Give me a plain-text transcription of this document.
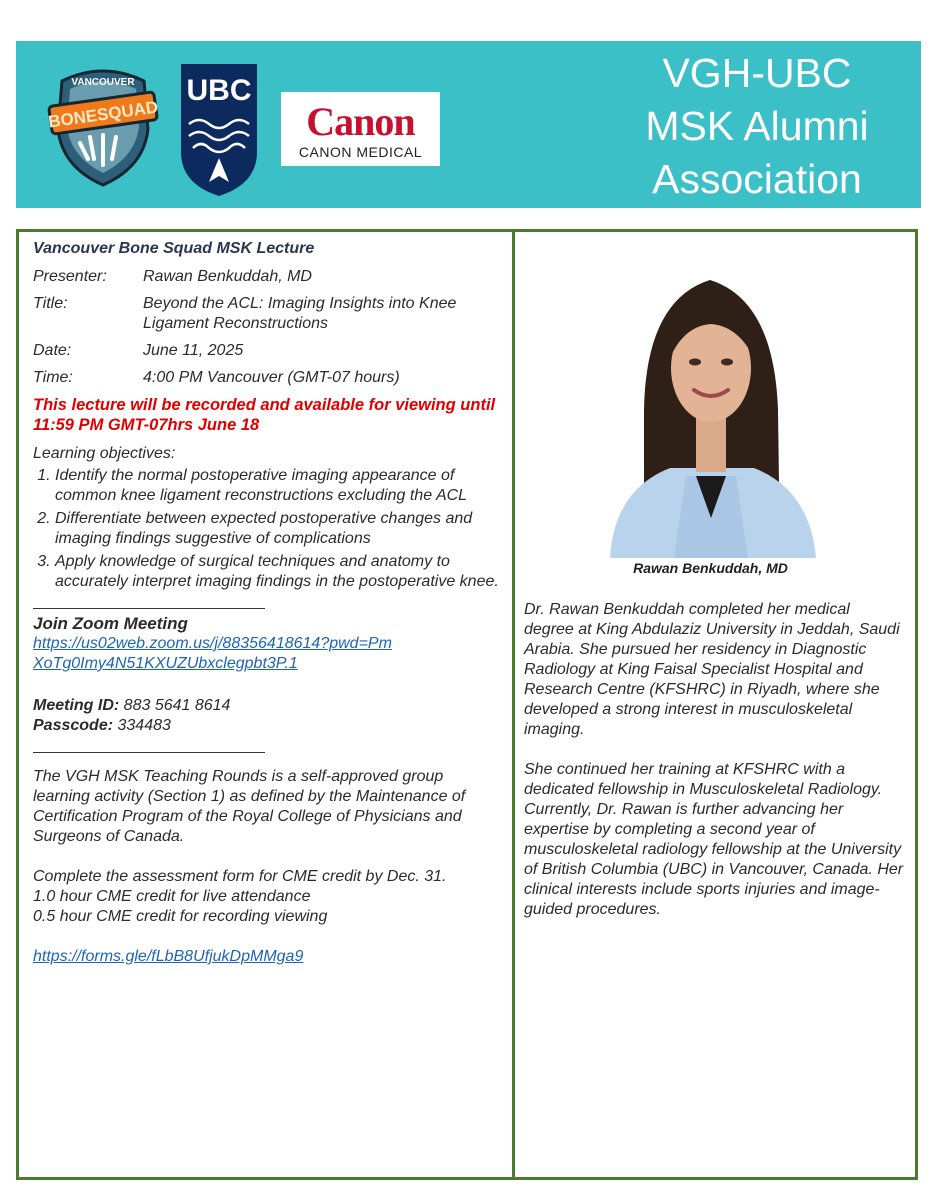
BONESQUAD
VANCOUVER UBC
Canon
CANON MEDICAL
VGH-UBC
MSK Alumni
Association
Vancouver Bone Squad MSK Lecture
Presenter:	Rawan Benkuddah, MD
Title:	Beyond the ACL: Imaging Insights into Knee Ligament Reconstructions
Date:	June 11, 2025
Time:	4:00 PM Vancouver (GMT-07 hours)
This lecture will be recorded and available for viewing until 11:59 PM GMT-07hrs June 18
Learning objectives:
1. Identify the normal postoperative imaging appearance of common knee ligament reconstructions excluding the ACL
2. Differentiate between expected postoperative changes and imaging findings suggestive of complications
3. Apply knowledge of surgical techniques and anatomy to accurately interpret imaging findings in the postoperative knee.
Join Zoom Meeting
https://us02web.zoom.us/j/88356418614?pwd=Pm
XoTg0Imy4N51KXUZUbxclegpbt3P.1
Meeting ID: 883 5641 8614
Passcode: 334483

The VGH MSK Teaching Rounds is a self-approved group learning activity (Section 1) as defined by the Maintenance of Certification Program of the Royal College of Physicians and Surgeons of Canada.

Complete the assessment form for CME credit by Dec. 31.

1.0 hour CME credit for live attendance

0.5 hour CME credit for recording viewing

https://forms.gle/fLbB8UfjukDpMMga9
Rawan Benkuddah, MD

Dr. Rawan Benkuddah completed her medical degree at King Abdulaziz University in Jeddah, Saudi Arabia. She pursued her residency in Diagnostic Radiology at King Faisal Specialist Hospital and Research Centre (KFSHRC) in Riyadh, where she developed a strong interest in musculoskeletal imaging.

She continued her training at KFSHRC with a dedicated fellowship in Musculoskeletal Radiology. Currently, Dr. Rawan is further advancing her expertise by completing a second year of musculoskeletal radiology fellowship at the University of British Columbia (UBC) in Vancouver, Canada. Her clinical interests include sports injuries and image-guided procedures.
